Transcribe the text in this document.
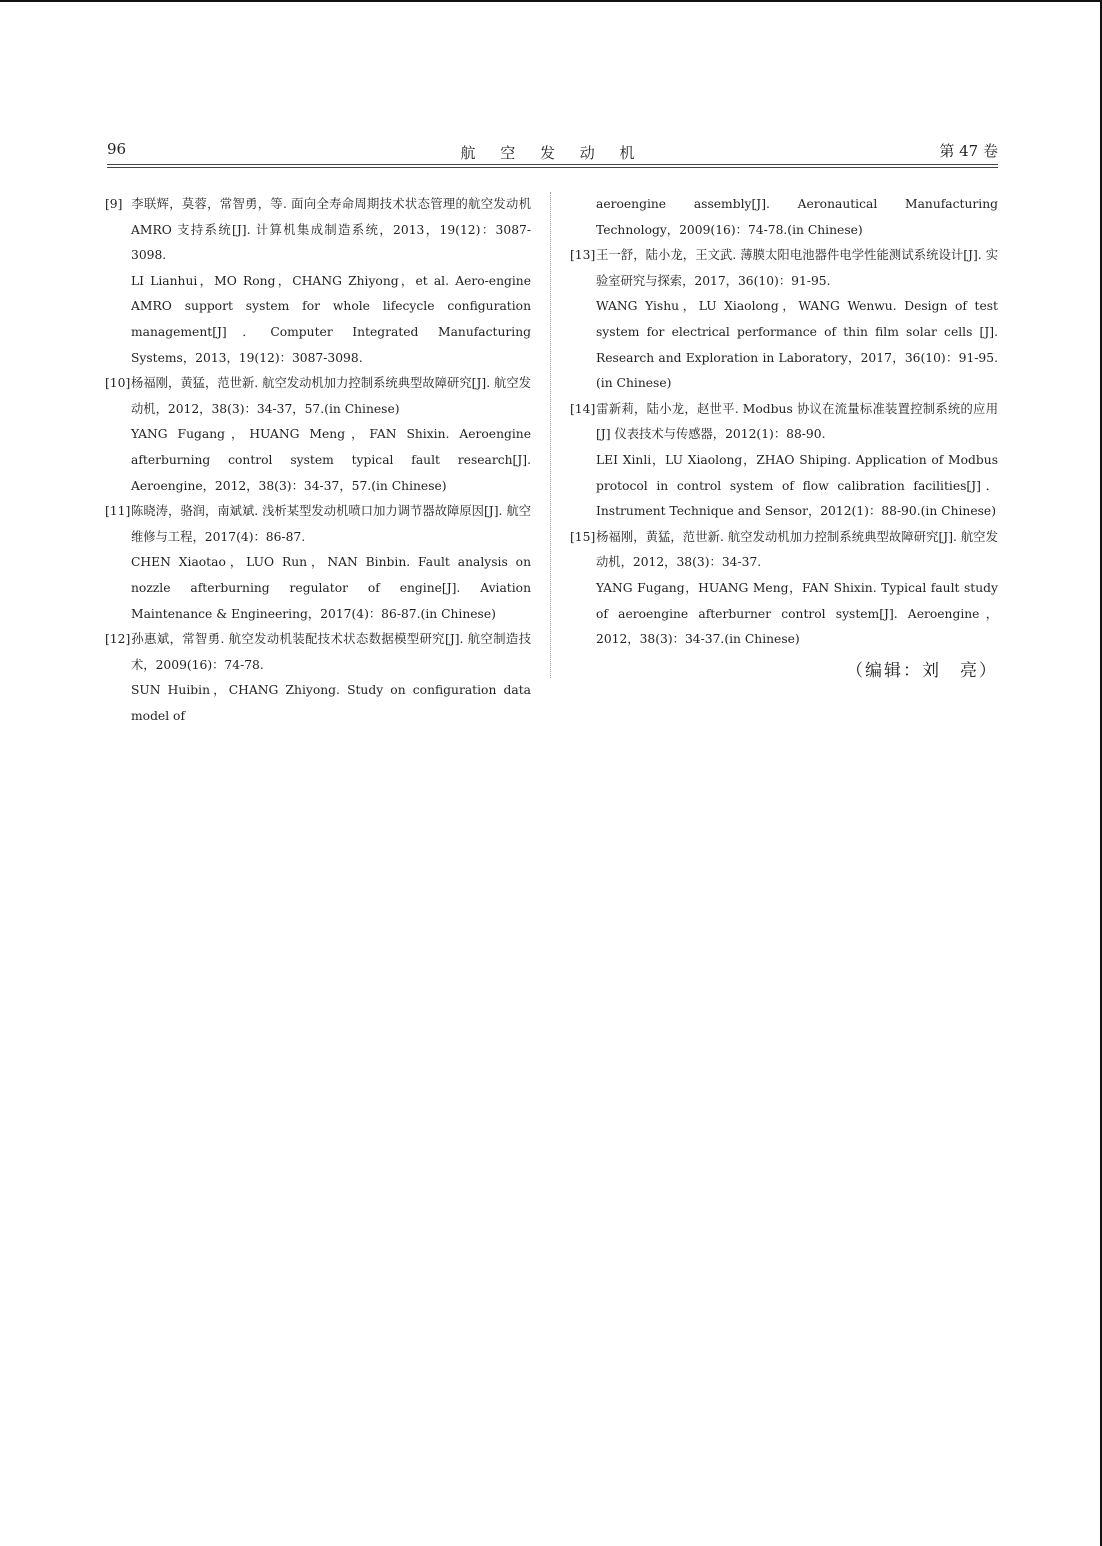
96	航 空 发 动 机	第 47 卷
[9] 李联辉，莫蓉，常智勇，等. 面向全寿命周期技术状态管理的航空发动机 AMRO 支持系统[J]. 计算机集成制造系统，2013，19(12)：3087-3098.
LI Lianhui，MO Rong，CHANG Zhiyong，et al. Aero-engine AMRO support system for whole lifecycle configuration management[J]．Computer Integrated Manufacturing Systems，2013，19(12)：3087-3098.
[10]杨福刚，黄猛，范世新. 航空发动机加力控制系统典型故障研究[J]. 航空发动机，2012，38(3)：34-37，57.(in Chinese)
YANG Fugang，HUANG Meng，FAN Shixin. Aeroengine afterburning control system typical fault research[J]. Aeroengine，2012，38(3)：34-37，57.(in Chinese)
[11]陈晓涛，骆润，南斌斌. 浅析某型发动机喷口加力调节器故障原因[J]. 航空维修与工程，2017(4)：86-87.
CHEN Xiaotao，LUO Run，NAN Binbin. Fault analysis on nozzle afterburning regulator of engine[J]. Aviation Maintenance & Engineering，2017(4)：86-87.(in Chinese)
[12]孙惠斌，常智勇. 航空发动机装配技术状态数据模型研究[J]. 航空制造技术，2009(16)：74-78.
SUN Huibin，CHANG Zhiyong. Study on configuration data model of
aeroengine assembly[J]. Aeronautical Manufacturing Technology，2009(16)：74-78.(in Chinese)
[13]王一舒，陆小龙，王文武. 薄膜太阳电池器件电学性能测试系统设计[J]. 实验室研究与探索，2017，36(10)：91-95.
WANG Yishu，LU Xiaolong，WANG Wenwu. Design of test system for electrical performance of thin film solar cells [J]. Research and Exploration in Laboratory，2017，36(10)：91-95.(in Chinese)
[14]雷新莉，陆小龙，赵世平. Modbus 协议在流量标准装置控制系统的应用[J] 仪表技术与传感器，2012(1)：88-90.
LEI Xinli，LU Xiaolong，ZHAO Shiping. Application of Modbus protocol in control system of flow calibration facilities[J]．Instrument Technique and Sensor，2012(1)：88-90.(in Chinese)
[15]杨福刚，黄猛，范世新. 航空发动机加力控制系统典型故障研究[J]. 航空发动机，2012，38(3)：34-37.
YANG Fugang，HUANG Meng，FAN Shixin. Typical fault study of aeroengine afterburner control system[J]. Aeroengine，2012，38(3)：34-37.(in Chinese)
（编辑：刘　亮）
